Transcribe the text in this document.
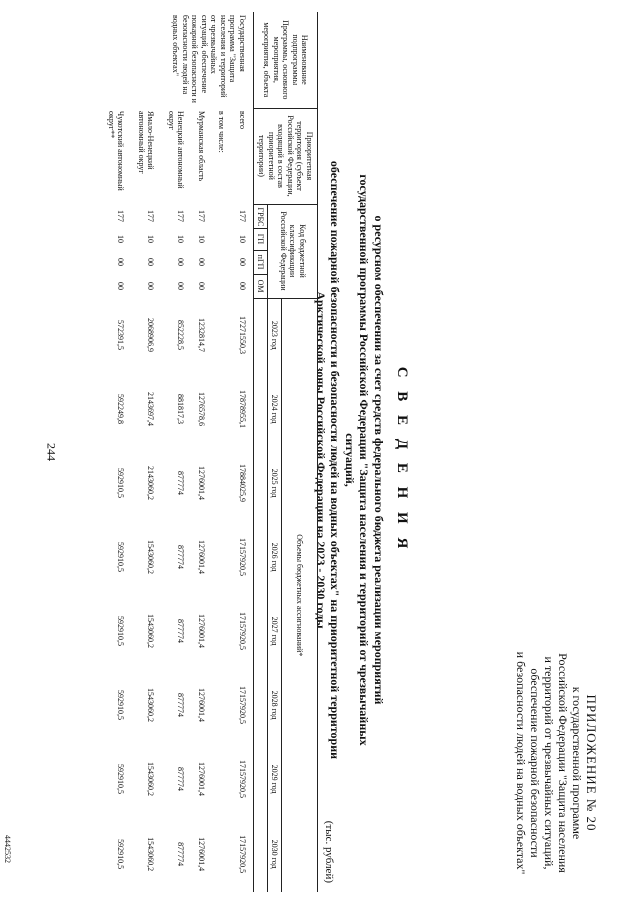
244
ПРИЛОЖЕНИЕ № 20
к государственной программе
Российской Федерации "Защита населения
и территорий от чрезвычайных ситуаций,
обеспечение пожарной безопасности
и безопасности людей на водных объектах"
С В Е Д Е Н И Я
о ресурсном обеспечении за счет средств федерального бюджета реализации мероприятий
государственной программы Российской Федерации "Защита населения и территорий от чрезвычайных ситуаций,
обеспечение пожарной безопасности и безопасности людей на водных объектах" на приоритетной территории
Арктической зоны Российской Федерации на 2023 - 2030 годы
(тыс. рублей)
Наименование подпрограммы Программы, основного мероприятия, мероприятия, объекта	Приоритетная территория (субъект Российской Федерации, входящий в состав приоритетной территории)	Код бюджетной классификации Российской Федерации				Объемы бюджетных ассигнований*							
						2023 год	2024 год	2025 год	2026 год	2027 год	2028 год	2029 год	2030 год
		ГРБС	ГП	пГП	ОМ								
Государственная программа "Защита населения и территорий от чрезвычайных ситуаций, обеспечение пожарной безопасности и безопасности людей на водных объектах"	всего	177	10	00	00	17271550,3	17878955,1	17884025,9	17157920,5	17157920,5	17157920,5	17157920,5	17157920,5
	в том числе:												
	Мурманская область	177	10	00	00	1232814,7	1276578,6	1276001,4	1276001,4	1276001,4	1276001,4	1276001,4	1276001,4
	Ненецкий автономный округ	177	10	00	00	852228,5	881817,3	877774	877774	877774	877774	877774	877774
	Ямало-Ненецкий автономный округ	177	10	00	00	2068906,9	2143697,4	2143060,2	1543060,2	1543060,2	1543060,2	1543060,2	1543060,2
	Чукотский автономный округ**	177	10	00	00	572391,5	592249,8	592910,5	592910,5	592910,5	592910,5	592910,5	592910,5
4442532
